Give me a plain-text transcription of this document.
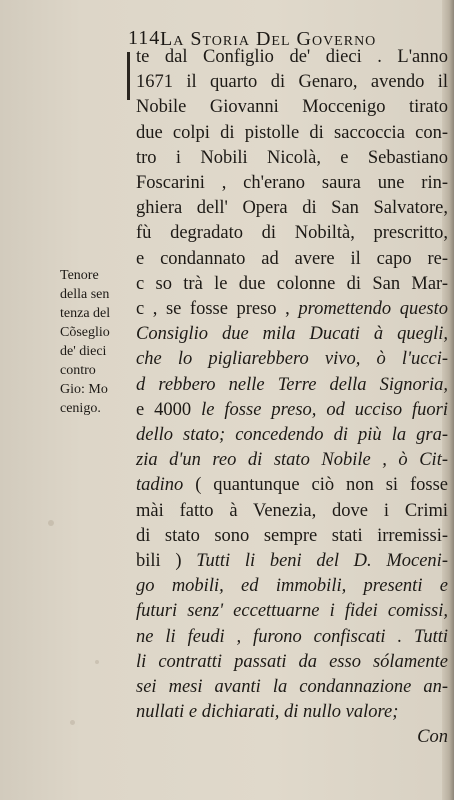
114 La Storia Del Governo
te dal Configlio de' dieci . L'anno
1671 il quarto di Genaro, avendo il
Nobile Giovanni Moccenigo tirato
due colpi di pistolle di saccoccia con-
tro i Nobili Nicolà, e Sebastiano
Foscarini , ch'erano saura une rin-
ghiera dell' Opera di San Salvatore,
fù degradato di Nobiltà, prescritto,
e condannato ad avere il capo re-
c so trà le due colonne di San Mar-
c , se fosse preso , promettendo questo
Consiglio due mila Ducati à quegli,
che lo pigliarebbero vivo, ò l'ucci-
d rebbero nelle Terre della Signoria,
e 4000 le fosse preso, od ucciso fuori
dello stato; concedendo di più la gra-
zia d'un reo di stato Nobile , ò Cit-
tadino ( quantunque ciò non si fosse
mài fatto à Venezia, dove i Crimi
di stato sono sempre stati irremissi-
bili ) Tutti li beni del D. Moceni-
go mobili, ed immobili, presenti e
futuri senz' eccettuarne i fidei comissi,
ne li feudi , furono confiscati . Tutti
li contratti passati da esso sólamente
sei mesi avanti la condannazione an-
nullati e dichiarati, di nullo valore;
Con
Tenore
della sen
tenza del
Cõseglio
de' dieci
contro
Gio: Mo
cenigo.
